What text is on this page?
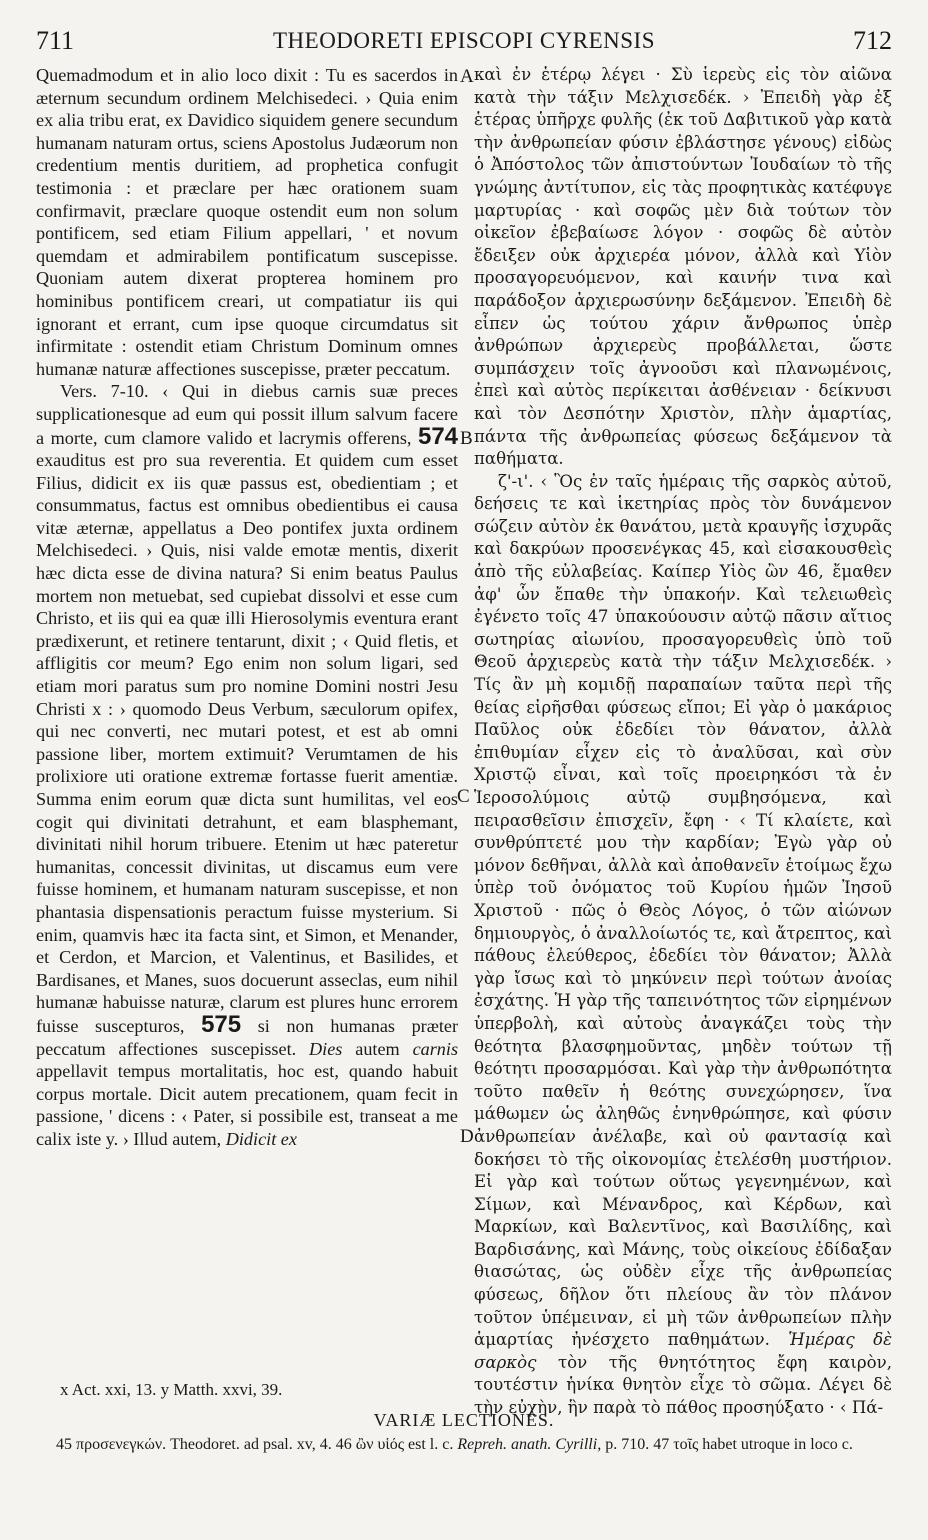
711	THEODORETI EPISCOPI CYRENSIS	712

Quemadmodum et in alio loco dixit : Tu es sacerdos in æternum secundum ordinem Melchisedeci. › Quia enim ex alia tribu erat, ex Davidico siquidem genere secundum humanam naturam ortus, sciens Apostolus Judæorum non credentium mentis duritiem, ad prophetica confugit testimonia : et præclare per hæc orationem suam confirmavit, præclare quoque ostendit eum non solum pontificem, sed etiam Filium appellari, ' et novum quemdam et admirabilem pontificatum suscepisse. Quoniam autem dixerat propterea hominem pro hominibus pontificem creari, ut compatiatur iis qui ignorant et errant, cum ipse quoque circumdatus sit infirmitate : ostendit etiam Christum Dominum omnes humanæ naturæ affectiones suscepisse, præter peccatum.

Vers. 7-10. ‹ Qui in diebus carnis suæ preces supplicationesque ad eum qui possit illum salvum facere a morte, cum clamore valido et lacrymis offerens, 574 exauditus est pro sua reverentia. Et quidem cum esset Filius, didicit ex iis quæ passus est, obedientiam ; et consummatus, factus est omnibus obedientibus ei causa vitæ æternæ, appellatus a Deo pontifex juxta ordinem Melchisedeci. › Quis, nisi valde emotæ mentis, dixerit hæc dicta esse de divina natura? Si enim beatus Paulus mortem non metuebat, sed cupiebat dissolvi et esse cum Christo, et iis qui ea quæ illi Hierosolymis eventura erant prædixerunt, et retinere tentarunt, dixit ; ‹ Quid fletis, et affligitis cor meum? Ego enim non solum ligari, sed etiam mori paratus sum pro nomine Domini nostri Jesu Christi x : › quomodo Deus Verbum, sæculorum opifex, qui nec converti, nec mutari potest, et est ab omni passione liber, mortem extimuit? Verumtamen de his prolixiore uti oratione extremæ fortasse fuerit amentiæ. Summa enim eorum quæ dicta sunt humilitas, vel eos cogit qui divinitati detrahunt, et eam blasphemant, divinitati nihil horum tribuere. Etenim ut hæc pateretur humanitas, concessit divinitas, ut discamus eum vere fuisse hominem, et humanam naturam suscepisse, et non phantasia dispensationis peractum fuisse mysterium. Si enim, quamvis hæc ita facta sint, et Simon, et Menander, et Cerdon, et Marcion, et Valentinus, et Basilides, et Bardisanes, et Manes, suos docuerunt asseclas, eum nihil humanæ habuisse naturæ, clarum est plures hunc errorem fuisse suscepturos, 575 si non humanas præter peccatum affectiones suscepisset. Dies autem carnis appellavit tempus mortalitatis, hoc est, quando habuit corpus mortale. Dicit autem precationem, quam fecit in passione, ' dicens : ‹ Pater, si possibile est, transeat a me calix iste y. › Illud autem, Didicit ex

A
B
C
D

καὶ ἐν ἑτέρῳ λέγει · Σὺ ἱερεὺς εἰς τὸν αἰῶνα κατὰ τὴν τάξιν Μελχισεδέκ. › Ἐπειδὴ γὰρ ἐξ ἑτέρας ὑπῆρχε φυλῆς (ἐκ τοῦ Δαβιτικοῦ γὰρ κατὰ τὴν ἀνθρωπείαν φύσιν ἐβλάστησε γένους) εἰδὼς ὁ Ἀπόστολος τῶν ἀπιστούντων Ἰουδαίων τὸ τῆς γνώμης ἀντίτυπον, εἰς τὰς προφητικὰς κατέφυγε μαρτυρίας · καὶ σοφῶς μὲν διὰ τούτων τὸν οἰκεῖον ἐβεβαίωσε λόγον · σοφῶς δὲ αὐτὸν ἔδειξεν οὐκ ἀρχιερέα μόνον, ἀλλὰ καὶ Υἱὸν προσαγορευόμενον, καὶ καινήν τινα καὶ παράδοξον ἀρχιερωσύνην δεξάμενον. Ἐπειδὴ δὲ εἶπεν ὡς τούτου χάριν ἄνθρωπος ὑπὲρ ἀνθρώπων ἀρχιερεὺς προβάλλεται, ὥστε συμπάσχειν τοῖς ἀγνοοῦσι καὶ πλανωμένοις, ἐπεὶ καὶ αὐτὸς περίκειται ἀσθένειαν · δείκνυσι καὶ τὸν Δεσπότην Χριστὸν, πλὴν ἁμαρτίας, πάντα τῆς ἀνθρωπείας φύσεως δεξάμενον τὰ παθήματα.

ζ'-ι'. ‹ Ὃς ἐν ταῖς ἡμέραις τῆς σαρκὸς αὐτοῦ, δεήσεις τε καὶ ἱκετηρίας πρὸς τὸν δυνάμενον σώζειν αὐτὸν ἐκ θανάτου, μετὰ κραυγῆς ἰσχυρᾶς καὶ δακρύων προσενέγκας 45, καὶ εἰσακουσθεὶς ἀπὸ τῆς εὐλαβείας. Καίπερ Υἱὸς ὢν 46, ἔμαθεν ἀφ' ὧν ἔπαθε τὴν ὑπακοήν. Καὶ τελειωθεὶς ἐγένετο τοῖς 47 ὑπακούουσιν αὐτῷ πᾶσιν αἴτιος σωτηρίας αἰωνίου, προσαγορευθεὶς ὑπὸ τοῦ Θεοῦ ἀρχιερεὺς κατὰ τὴν τάξιν Μελχισεδέκ. › Τίς ἂν μὴ κομιδῇ παραπαίων ταῦτα περὶ τῆς θείας εἰρῆσθαι φύσεως εἴποι; Εἰ γὰρ ὁ μακάριος Παῦλος οὐκ ἐδεδίει τὸν θάνατον, ἀλλὰ ἐπιθυμίαν εἶχεν εἰς τὸ ἀναλῦσαι, καὶ σὺν Χριστῷ εἶναι, καὶ τοῖς προειρηκόσι τὰ ἐν Ἱεροσολύμοις αὐτῷ συμβησόμενα, καὶ πειρασθεῖσιν ἐπισχεῖν, ἔφη · ‹ Τί κλαίετε, καὶ συνθρύπτετέ μου τὴν καρδίαν; Ἐγὼ γὰρ οὐ μόνον δεθῆναι, ἀλλὰ καὶ ἀποθανεῖν ἑτοίμως ἔχω ὑπὲρ τοῦ ὀνόματος τοῦ Κυρίου ἡμῶν Ἰησοῦ Χριστοῦ · πῶς ὁ Θεὸς Λόγος, ὁ τῶν αἰώνων δημιουργὸς, ὁ ἀναλλοίωτός τε, καὶ ἄτρεπτος, καὶ πάθους ἐλεύθερος, ἐδεδίει τὸν θάνατον; Ἀλλὰ γὰρ ἴσως καὶ τὸ μηκύνειν περὶ τούτων ἀνοίας ἐσχάτης. Ἡ γὰρ τῆς ταπεινότητος τῶν εἰρημένων ὑπερβολὴ, καὶ αὐτοὺς ἀναγκάζει τοὺς τὴν θεότητα βλασφημοῦντας, μηδὲν τούτων τῇ θεότητι προσαρμόσαι. Καὶ γὰρ τὴν ἀνθρωπότητα τοῦτο παθεῖν ἡ θεότης συνεχώρησεν, ἵνα μάθωμεν ὡς ἀληθῶς ἐνηνθρώπησε, καὶ φύσιν ἀνθρωπείαν ἀνέλαβε, καὶ οὐ φαντασίᾳ καὶ δοκήσει τὸ τῆς οἰκονομίας ἐτελέσθη μυστήριον. Εἰ γὰρ καὶ τούτων οὕτως γεγενημένων, καὶ Σίμων, καὶ Μένανδρος, καὶ Κέρδων, καὶ Μαρκίων, καὶ Βαλεντῖνος, καὶ Βασιλίδης, καὶ Βαρδισάνης, καὶ Μάνης, τοὺς οἰκείους ἐδίδαξαν θιασώτας, ὡς οὐδὲν εἶχε τῆς ἀνθρωπείας φύσεως, δῆλον ὅτι πλείους ἂν τὸν πλάνον τοῦτον ὑπέμειναν, εἰ μὴ τῶν ἀνθρωπείων πλὴν ἁμαρτίας ἠνέσχετο παθημάτων. Ἡμέρας δὲ σαρκὸς τὸν τῆς θνητότητος ἔφη καιρὸν, τουτέστιν ἡνίκα θνητὸν εἶχε τὸ σῶμα. Λέγει δὲ τὴν εὐχὴν, ἣν παρὰ τὸ πάθος προσηύξατο · ‹ Πά-

x Act. xxi, 13. y Matth. xxvi, 39.
VARIÆ LECTIONES.
45 προσενεγκών. Theodoret. ad psal. xv, 4. 46 ὢν υἱός est l. c. Repreh. anath. Cyrilli, p. 710. 47 τοῖς habet utroque in loco c.
